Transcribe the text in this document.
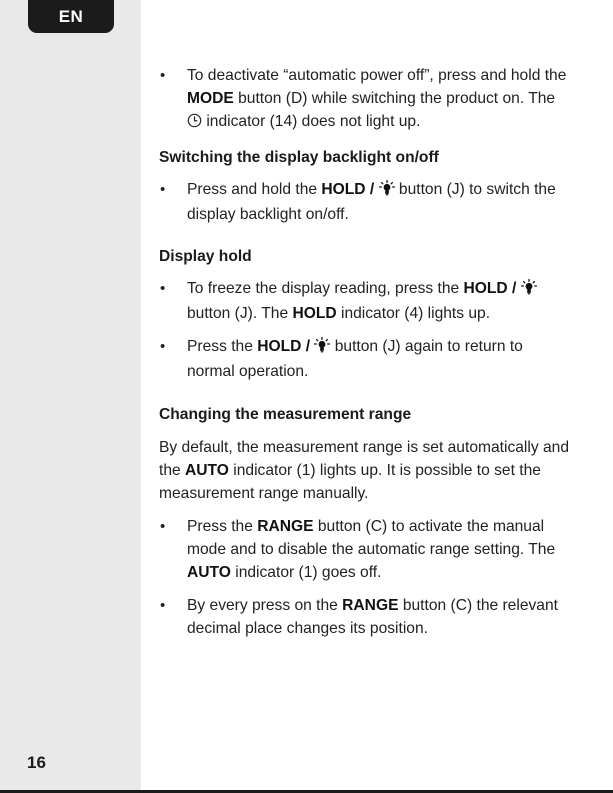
EN
16
• To deactivate “automatic power off”, press and hold the MODE button (D) while switching the product on. The  indicator (14) does not light up.
Switching the display backlight on/off
• Press and hold the HOLD /  button (J) to switch the display backlight on/off.
Display hold
• To freeze the display reading, press the HOLD /  button (J). The HOLD indicator (4) lights up.
• Press the HOLD /  button (J) again to return to normal operation.
Changing the measurement range

By default, the measurement range is set automatically and the AUTO indicator (1) lights up. It is possible to set the measurement range manually.

• Press the RANGE button (C) to activate the manual mode and to disable the automatic range setting. The AUTO indicator (1) goes off.
• By every press on the RANGE button (C) the relevant decimal place changes its position.
